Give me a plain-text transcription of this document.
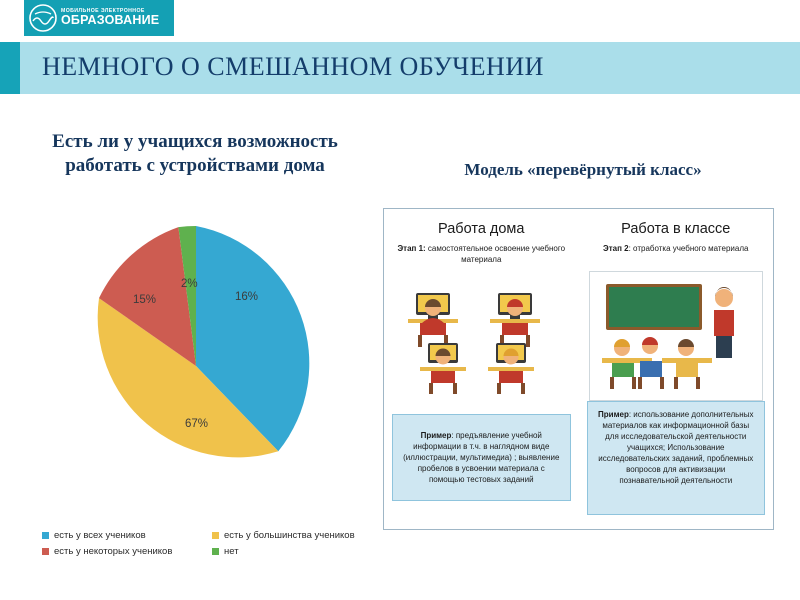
МОБИЛЬНОЕ ЭЛЕКТРОННОЕ
ОБРАЗОВАНИЕ
НЕМНОГО О СМЕШАННОМ ОБУЧЕНИИ
Есть ли у учащихся возможность работать с устройствами дома
16%
67%
15%
2%
есть у всех учеников	есть у большинства учеников
есть у некоторых учеников	нет
Модель «перевёрнутый класс»
Работа дома
Этап 1: самостоятельное освоение учебного материала
Пример: предъявление учебной информации в т.ч. в наглядном виде (иллюстрации, мультимедиа) ; выявление пробелов в усвоении материала с помощью тестовых заданий
Работа в классе
Этап 2: отработка учебного материала
Пример: использование дополнительных материалов как информационной базы для исследовательской деятельности учащихся; Использование исследовательских заданий, проблемных вопросов для активизации познавательной деятельности
